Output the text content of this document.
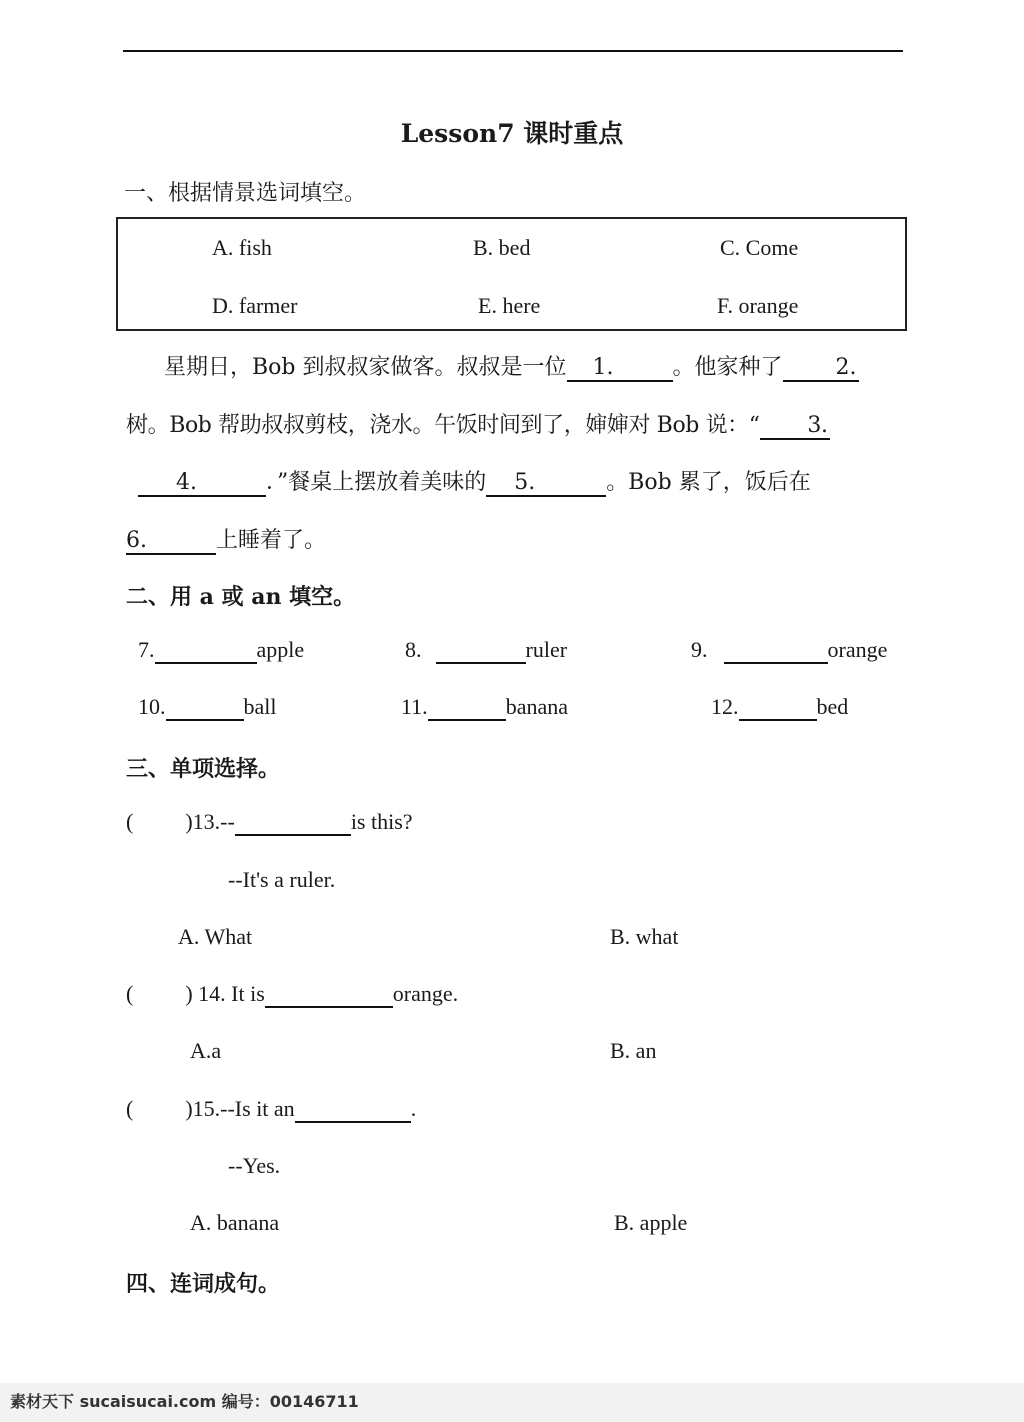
Lesson7 课时重点
一、根据情景选词填空。
A. fish	B. bed	C. Come
D. farmer	E. here	F. orange
星期日，Bob 到叔叔家做客。叔叔是一位 1.	。他家种了 2.
树。Bob 帮助叔叔剪枝，浇水。午饭时间到了，婶婶对 Bob 说：“ 3.
4.	．”餐桌上摆放着美味的 5.	。Bob 累了，饭后在
6.	上睡着了。
二、用 a 或 an 填空。
7.	apple	8.	ruler	9.	orange
10.	ball	11.	banana	12.	bed
三、单项选择。
( )13.--	is this?
--It's a ruler.
A. What	B. what
( ) 14. It is	orange.
A.a	B. an
( )15.--Is it an	.
--Yes.
A. banana	B. apple
四、连词成句。
素材天下 sucaisucai.com 编号：00146711
